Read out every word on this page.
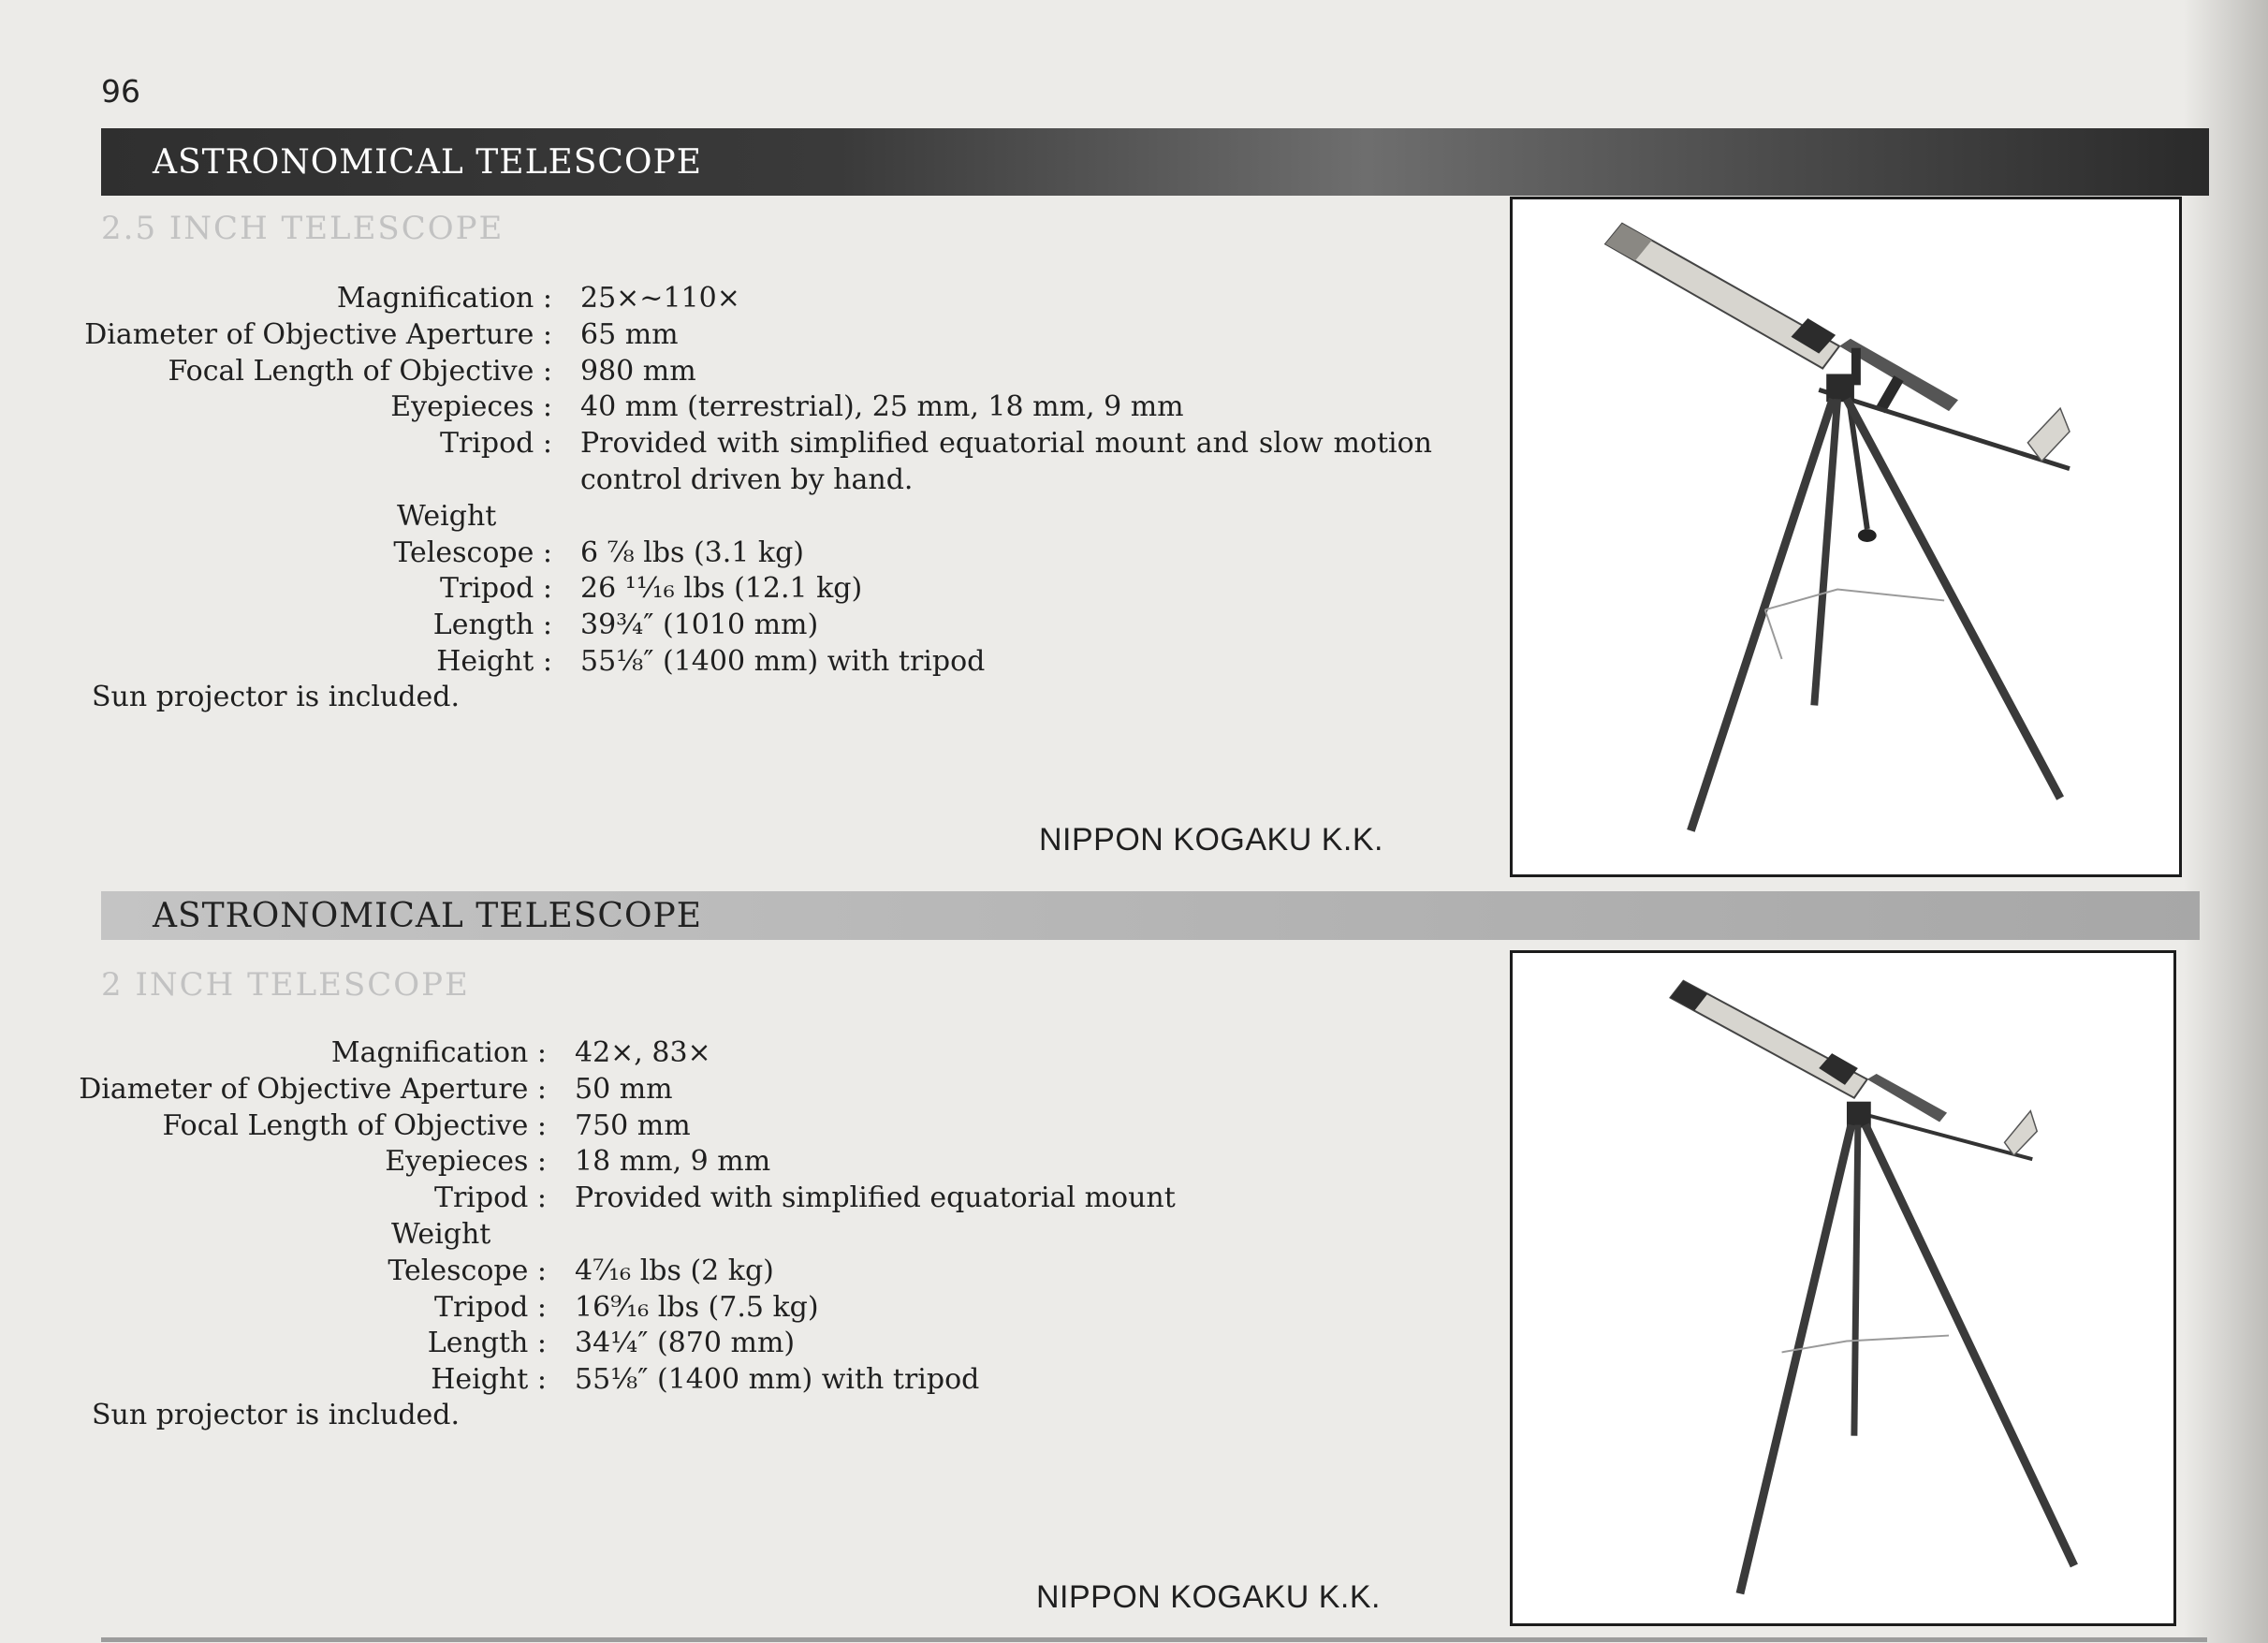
96
ASTRONOMICAL TELESCOPE
2.5 INCH TELESCOPE
Magnification :	25×~110×
Diameter of Objective Aperture :	65 mm
Focal Length of Objective :	980 mm
Eyepieces :	40 mm (terrestrial), 25 mm, 18 mm, 9 mm
Tripod :	Provided with simplified equatorial mount and slow motion control driven by hand.
Weight
Telescope :	6 ⅞ lbs (3.1 kg)
Tripod :	26 ¹¹⁄₁₆ lbs (12.1 kg)
Length :	39¾″ (1010 mm)
Height :	55⅛″ (1400 mm) with tripod
Sun projector is included.
NIPPON KOGAKU K.K.
ASTRONOMICAL TELESCOPE
2 INCH TELESCOPE
Magnification :	42×, 83×
Diameter of Objective Aperture :	50 mm
Focal Length of Objective :	750 mm
Eyepieces :	18 mm, 9 mm
Tripod :	Provided with simplified equatorial mount
Weight
Telescope :	4⁷⁄₁₆ lbs (2 kg)
Tripod :	16⁹⁄₁₆ lbs (7.5 kg)
Length :	34¼″ (870 mm)
Height :	55⅛″ (1400 mm) with tripod
Sun projector is included.
NIPPON KOGAKU K.K.
